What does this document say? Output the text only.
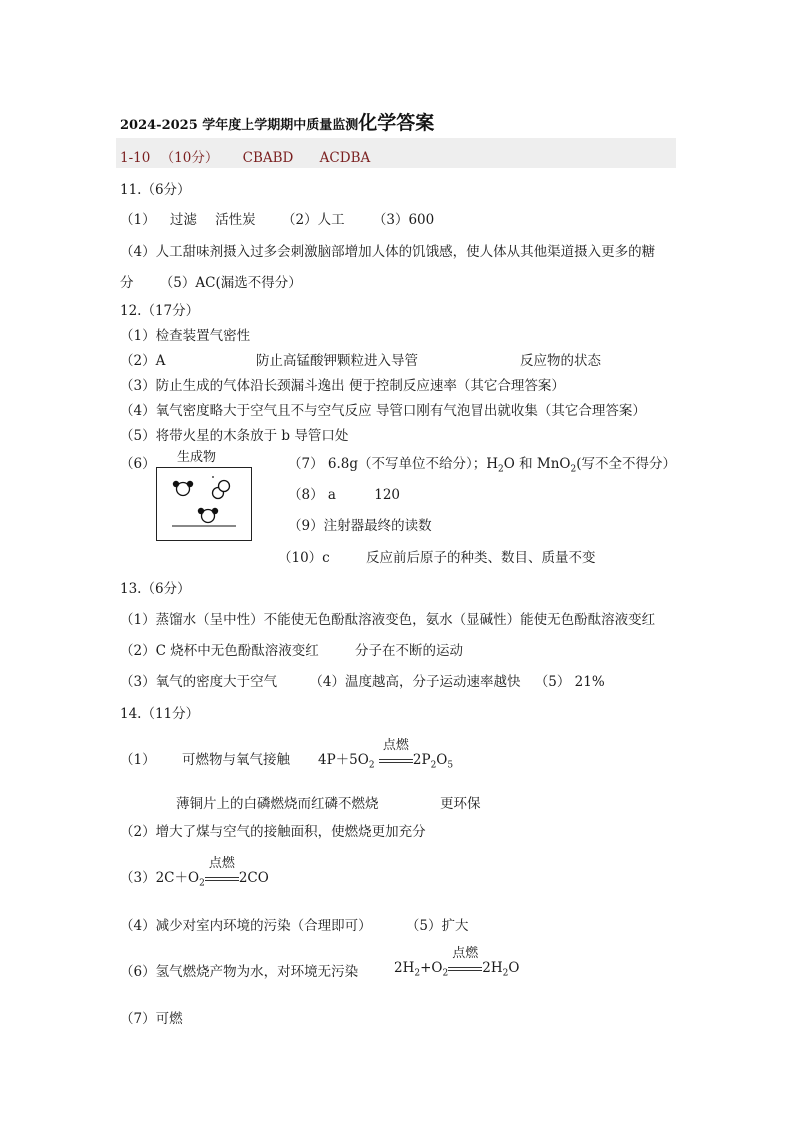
2024-2025 学年度上学期期中质量监测化学答案
1-10 （10分） CBABD ACDBA
11.（6分）
（1） 过滤 活性炭 （2）人工 （3）600
（4）人工甜味剂摄入过多会刺激脑部增加人体的饥饿感，使人体从其他渠道摄入更多的糖
分 （5）AC(漏选不得分）
12.（17分）
（1）检查装置气密性
（2）A	防止高锰酸钾颗粒进入导管	反应物的状态
（3）防止生成的气体沿长颈漏斗逸出 便于控制反应速率（其它合理答案）
（4）氧气密度略大于空气且不与空气反应 导管口刚有气泡冒出就收集（其它合理答案）
（5）将带火星的木条放于 b 导管口处
（6） 生成物	（7） 6.8g（不写单位不给分）；$H_2O$ 和 MnO$_2$(写不全不得分）
（8） a	120
（9）注射器最终的读数
（10）c	反应前后原子的种类、数目、质量不变
13.（6分）
（1）蒸馏水（呈中性）不能使无色酚酞溶液变色，氨水（显碱性）能使无色酚酞溶液变红
（2）C 烧杯中无色酚酞溶液变红	分子在不断的运动
（3）氧气的密度大于空气 （4）温度越高，分子运动速率越快 （5） 21%
14.（11分）
（1） 可燃物与氧气接触 $4P+5O_2$
点燃
$2P_2O_5$
薄铜片上的白磷燃烧而红磷不燃烧	更环保
（2）增大了煤与空气的接触面积，使燃烧更加充分
$(3)2C+O_2$
点燃
2CO
（4）减少对室内环境的污染（合理即可）	（5）扩大
（6）氢气燃烧产物为水，对环境无污染	$2H_2+O_2$
点燃
$2H_2O$
（7）可燃
